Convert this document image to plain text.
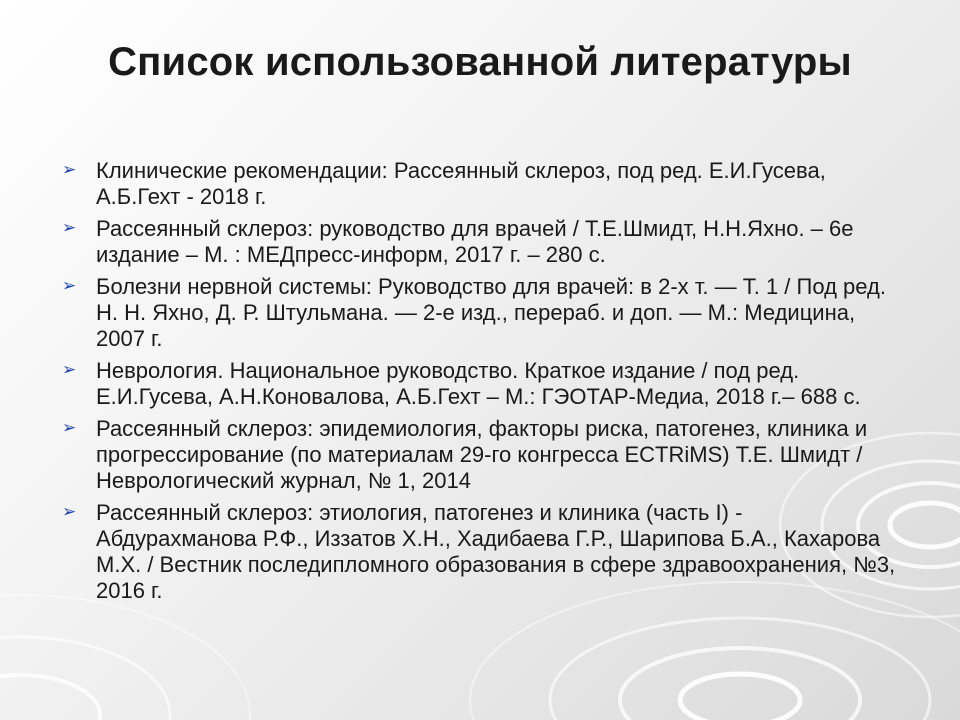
Список использованной литературы
➢ Клинические рекомендации: Рассеянный склероз, под ред. Е.И.Гусева, А.Б.Гехт - 2018 г.
➢ Рассеянный склероз: руководство для врачей / Т.Е.Шмидт, Н.Н.Яхно. – 6е издание – М. : МЕДпресс-информ, 2017 г. – 280 с.
➢ Болезни нервной системы: Руководство для врачей: в 2-х т. — Т. 1 / Под ред. Н. Н. Яхно, Д. Р. Штульмана. — 2-е изд., перераб. и доп. — М.: Медицина, 2007 г.
➢ Неврология. Национальное руководство. Краткое издание / под ред. Е.И.Гусева, А.Н.Коновалова, А.Б.Гехт – М.: ГЭОТАР-Медиа, 2018 г.– 688 с.
➢ Рассеянный склероз: эпидемиология, факторы риска, патогенез, клиника и прогрессирование (по материалам 29-го конгресса ECTRiMS) Т.Е. Шмидт / Неврологический журнал, № 1, 2014
➢ Рассеянный склероз: этиология, патогенез и клиника (часть I) - Абдурахманова Р.Ф., Иззатов Х.Н., Хадибаева Г.Р., Шарипова Б.А., Кахарова М.Х. / Вестник последипломного образования в сфере здравоохранения, №3, 2016 г.
